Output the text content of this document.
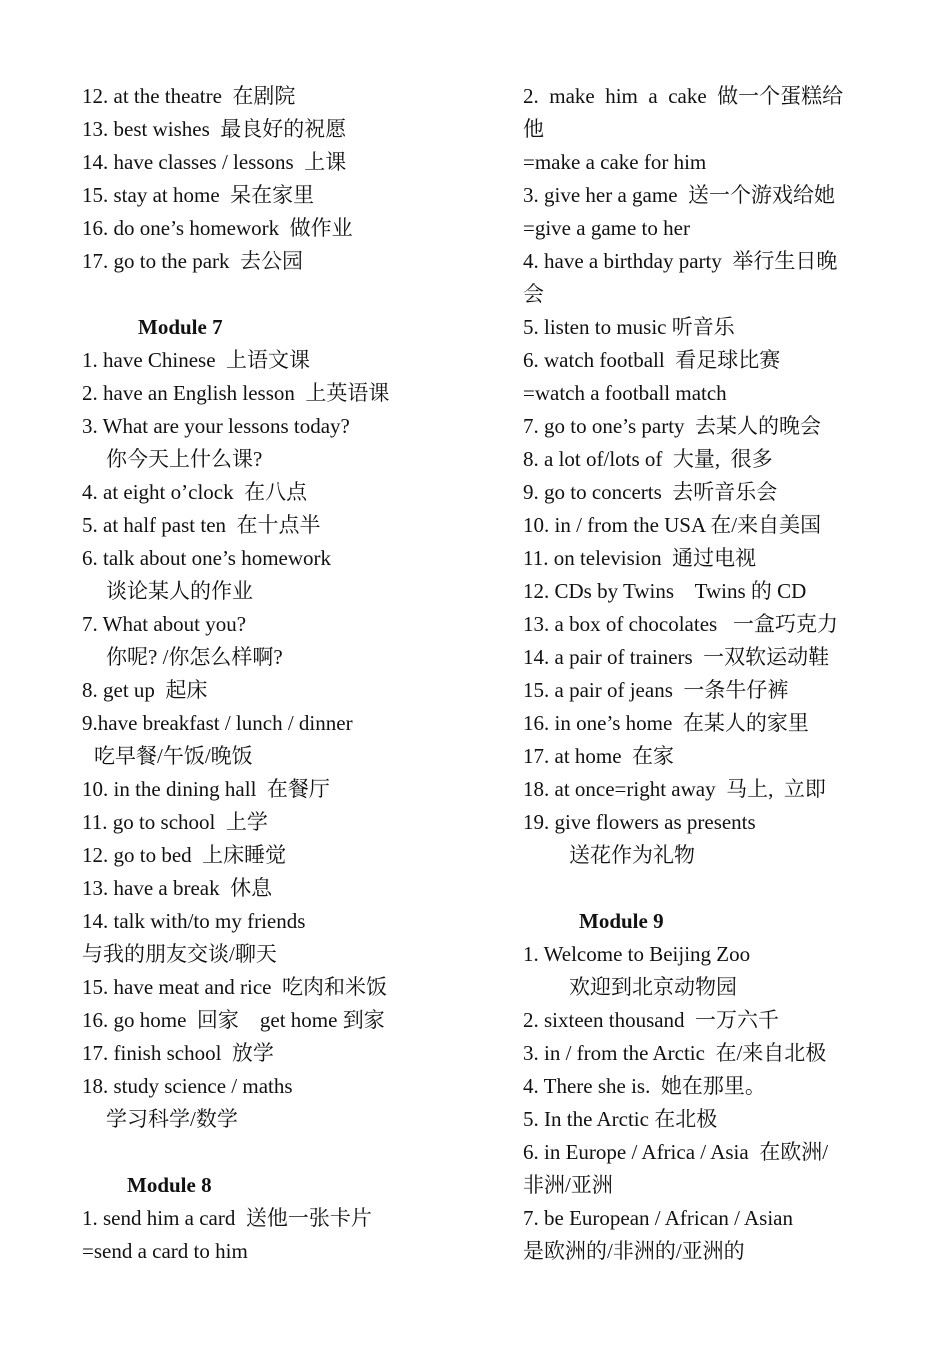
12. at the theatre  在剧院
13. best wishes  最良好的祝愿
14. have classes / lessons  上课
15. stay at home  呆在家里
16. do one’s homework  做作业
17. go to the park  去公园
Module 7
1. have Chinese  上语文课
2. have an English lesson  上英语课
3. What are your lessons today?
你今天上什么课?
4. at eight o’clock  在八点
5. at half past ten  在十点半
6. talk about one’s homework
谈论某人的作业
7. What about you?
你呢? /你怎么样啊?
8. get up  起床
9.have breakfast / lunch / dinner
吃早餐/午饭/晚饭
10. in the dining hall  在餐厅
11. go to school  上学
12. go to bed  上床睡觉
13. have a break  休息
14. talk with/to my friends
与我的朋友交谈/聊天
15. have meat and rice  吃肉和米饭
16. go home  回家    get home 到家
17. finish school  放学
18. study science / maths
学习科学/数学
Module 8
1. send him a card  送他一张卡片
=send a card to him
2.  make  him  a  cake  做一个蛋糕给
他
=make a cake for him
3. give her a game  送一个游戏给她
=give a game to her
4. have a birthday party  举行生日晚
会
5. listen to music 听音乐
6. watch football  看足球比赛
=watch a football match
7. go to one’s party  去某人的晚会
8. a lot of/lots of  大量,  很多
9. go to concerts  去听音乐会
10. in / from the USA 在/来自美国
11. on television  通过电视
12. CDs by Twins    Twins 的 CD
13. a box of chocolates   一盒巧克力
14. a pair of trainers  一双软运动鞋
15. a pair of jeans  一条牛仔裤
16. in one’s home  在某人的家里
17. at home  在家
18. at once=right away  马上,  立即
19. give flowers as presents
送花作为礼物
Module 9
1. Welcome to Beijing Zoo
欢迎到北京动物园
2. sixteen thousand  一万六千
3. in / from the Arctic  在/来自北极
4. There she is.  她在那里。
5. In the Arctic 在北极
6. in Europe / Africa / Asia  在欧洲/
非洲/亚洲
7. be European / African / Asian
是欧洲的/非洲的/亚洲的
